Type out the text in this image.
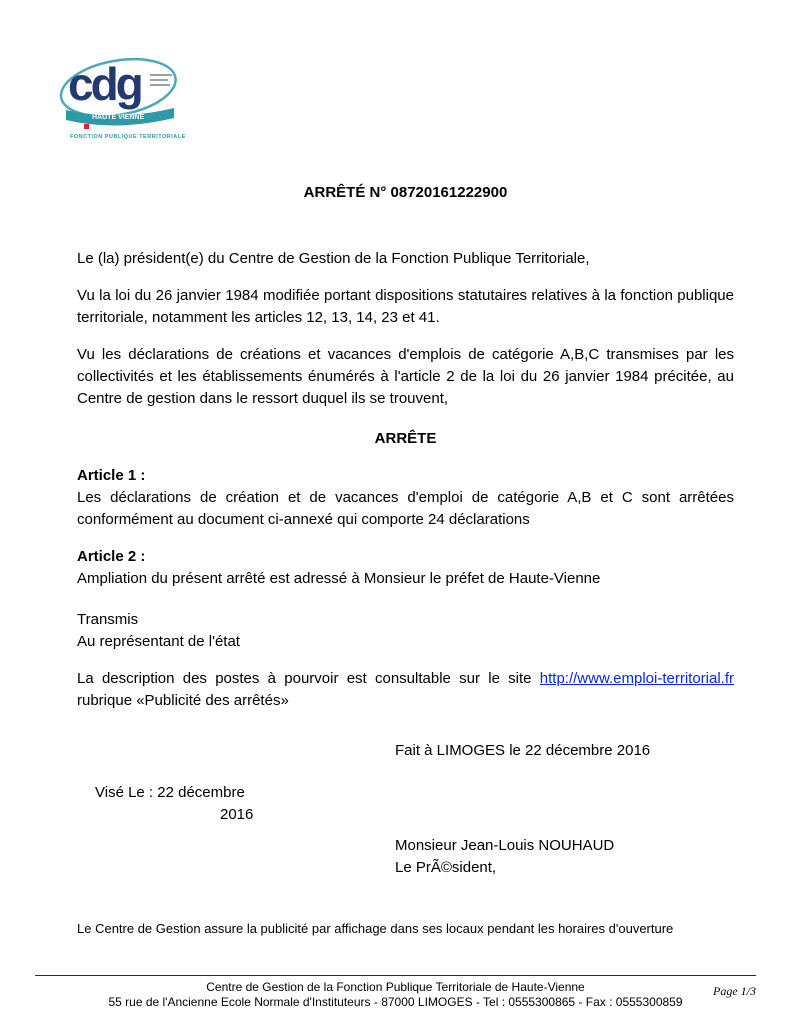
cdg
HAUTE VIENNE
FONCTION PUBLIQUE TERRITORIALE
ARRÊTÉ N° 08720161222900

Le (la) président(e) du Centre de Gestion de la Fonction Publique Territoriale,

Vu la loi du 26 janvier 1984 modifiée portant dispositions statutaires relatives à la fonction publique territoriale, notamment les articles 12, 13, 14, 23 et 41.

Vu les déclarations de créations et vacances d'emplois de catégorie A,B,C transmises par les collectivités et les établissements énumérés à l'article 2 de la loi du 26 janvier 1984 précitée, au Centre de gestion dans le ressort duquel ils se trouvent,

ARRÊTE

Article 1 :
Les déclarations de création et de vacances d'emploi de catégorie A,B et C sont arrêtées conformément au document ci-annexé qui comporte 24 déclarations

Article 2 :
Ampliation du présent arrêté est adressé à Monsieur le préfet de Haute-Vienne

Transmis
Au représentant de l'état

La description des postes à pourvoir est consultable sur le site http://www.emploi-territorial.fr rubrique «Publicité des arrêtés»

Fait à LIMOGES le 22 décembre 2016
Visé Le : 22 décembre
2016
Monsieur Jean-Louis NOUHAUD
Le PrÃ©sident,
Le Centre de Gestion assure la publicité par affichage dans ses locaux pendant les horaires d'ouverture
Centre de Gestion de la Fonction Publique Territoriale de Haute-Vienne
55 rue de l'Ancienne Ecole Normale d'Instituteurs - 87000 LIMOGES - Tel : 0555300865 - Fax : 0555300859
Page 1/3
